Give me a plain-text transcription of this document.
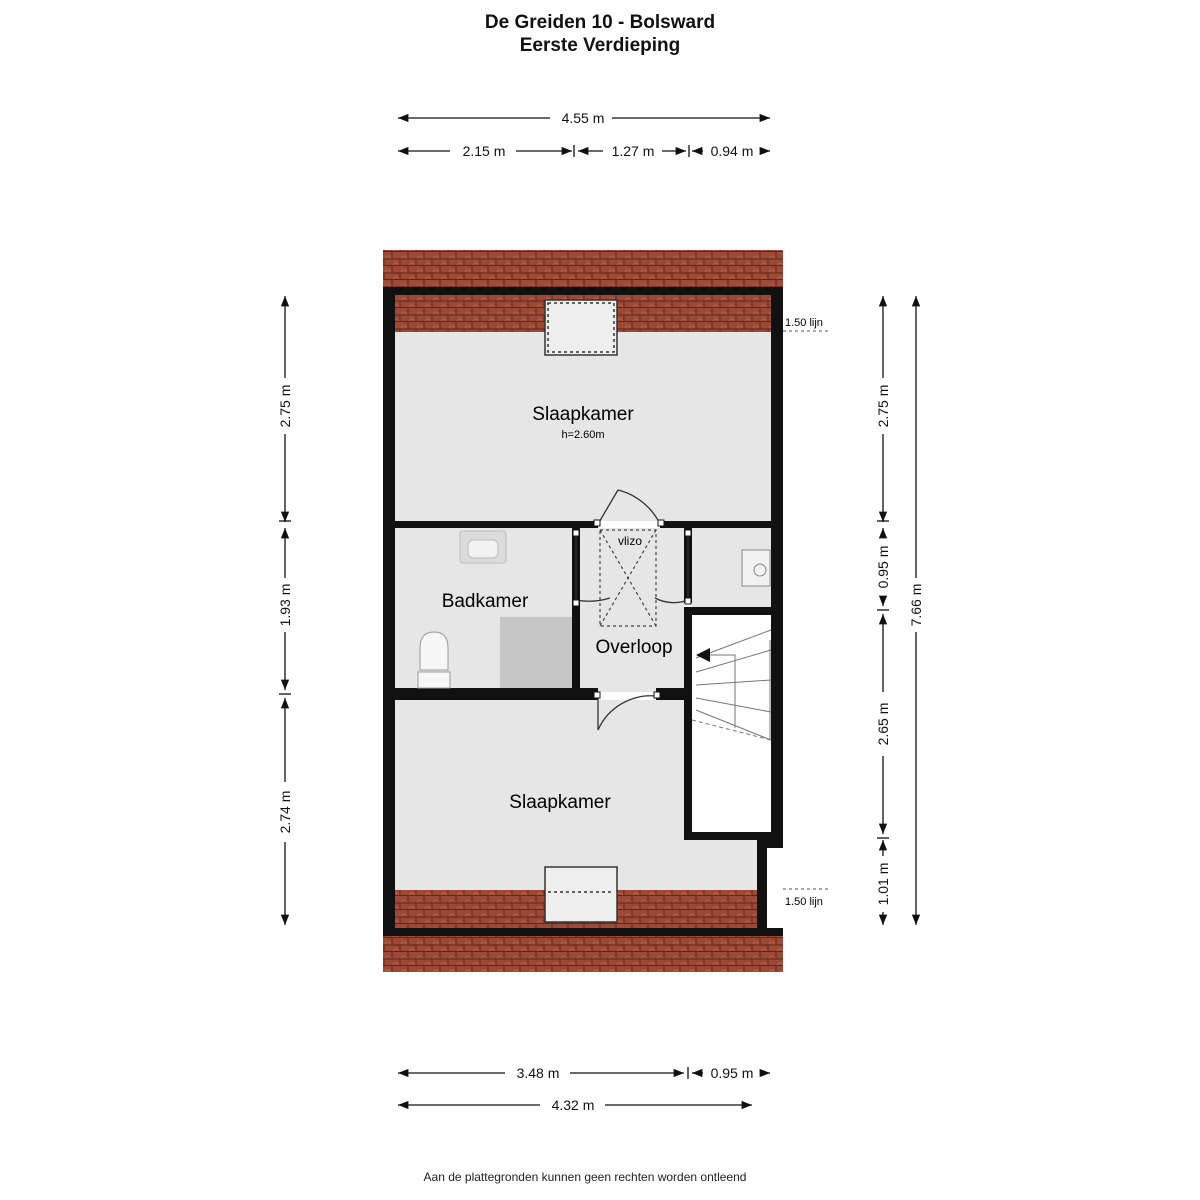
De Greiden 10 - Bolsward
Eerste Verdieping
Slaapkamer
h=2.60m
Badkamer
Overloop
vlizo
Slaapkamer
1.50 lijn
1.50 lijn
4.55 m
2.15 m	1.27 m	0.94 m
2.75 m
1.93 m
2.74 m
2.75 m
0.95 m
2.65 m
1.01 m
7.66 m
3.48 m	0.95 m
4.32 m
Aan de plattegronden kunnen geen rechten worden ontleend
